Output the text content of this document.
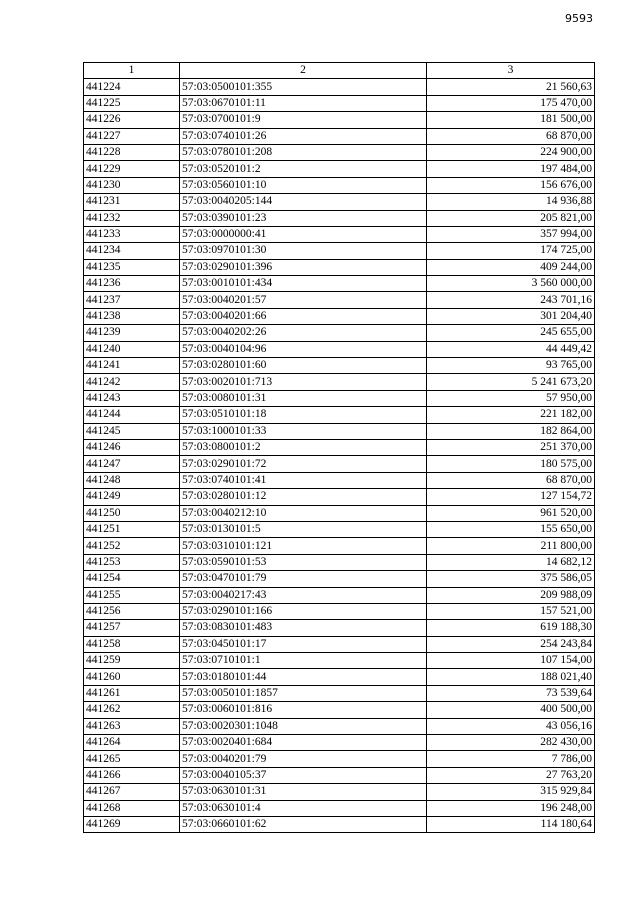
9593
1	2	3
441224	57:03:0500101:355	21 560,63
441225	57:03:0670101:11	175 470,00
441226	57:03:0700101:9	181 500,00
441227	57:03:0740101:26	68 870,00
441228	57:03:0780101:208	224 900,00
441229	57:03:0520101:2	197 484,00
441230	57:03:0560101:10	156 676,00
441231	57:03:0040205:144	14 936,88
441232	57:03:0390101:23	205 821,00
441233	57:03:0000000:41	357 994,00
441234	57:03:0970101:30	174 725,00
441235	57:03:0290101:396	409 244,00
441236	57:03:0010101:434	3 560 000,00
441237	57:03:0040201:57	243 701,16
441238	57:03:0040201:66	301 204,40
441239	57:03:0040202:26	245 655,00
441240	57:03:0040104:96	44 449,42
441241	57:03:0280101:60	93 765,00
441242	57:03:0020101:713	5 241 673,20
441243	57:03:0080101:31	57 950,00
441244	57:03:0510101:18	221 182,00
441245	57:03:1000101:33	182 864,00
441246	57:03:0800101:2	251 370,00
441247	57:03:0290101:72	180 575,00
441248	57:03:0740101:41	68 870,00
441249	57:03:0280101:12	127 154,72
441250	57:03:0040212:10	961 520,00
441251	57:03:0130101:5	155 650,00
441252	57:03:0310101:121	211 800,00
441253	57:03:0590101:53	14 682,12
441254	57:03:0470101:79	375 586,05
441255	57:03:0040217:43	209 988,09
441256	57:03:0290101:166	157 521,00
441257	57:03:0830101:483	619 188,30
441258	57:03:0450101:17	254 243,84
441259	57:03:0710101:1	107 154,00
441260	57:03:0180101:44	188 021,40
441261	57:03:0050101:1857	73 539,64
441262	57:03:0060101:816	400 500,00
441263	57:03:0020301:1048	43 056,16
441264	57:03:0020401:684	282 430,00
441265	57:03:0040201:79	7 786,00
441266	57:03:0040105:37	27 763,20
441267	57:03:0630101:31	315 929,84
441268	57:03:0630101:4	196 248,00
441269	57:03:0660101:62	114 180,64
